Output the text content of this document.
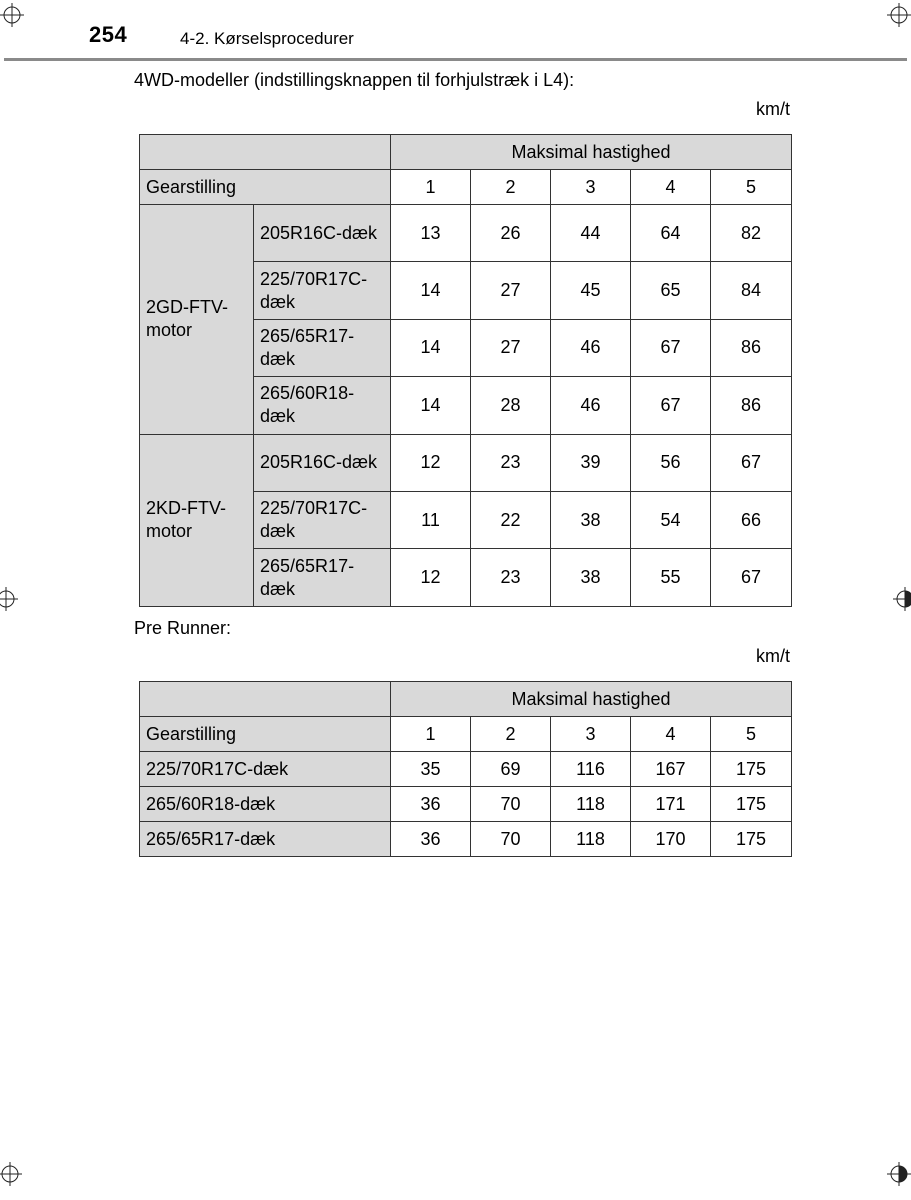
254	4-2. Kørselsprocedurer
4WD-modeller (indstillingsknappen til forhjulstræk i L4):
km/t
		Maksimal hastighed				
Gearstilling		1	2	3	4	5
2GD-FTV-motor	205R16C-dæk	13	26	44	64	82
	225/70R17C-dæk	14	27	45	65	84
	265/65R17-dæk	14	27	46	67	86
	265/60R18-dæk	14	28	46	67	86
2KD-FTV-motor	205R16C-dæk	12	23	39	56	67
	225/70R17C-dæk	11	22	38	54	66
	265/65R17-dæk	12	23	38	55	67
Pre Runner:
km/t
	Maksimal hastighed				
Gearstilling	1	2	3	4	5
225/70R17C-dæk	35	69	116	167	175
265/60R18-dæk	36	70	118	171	175
265/65R17-dæk	36	70	118	170	175
